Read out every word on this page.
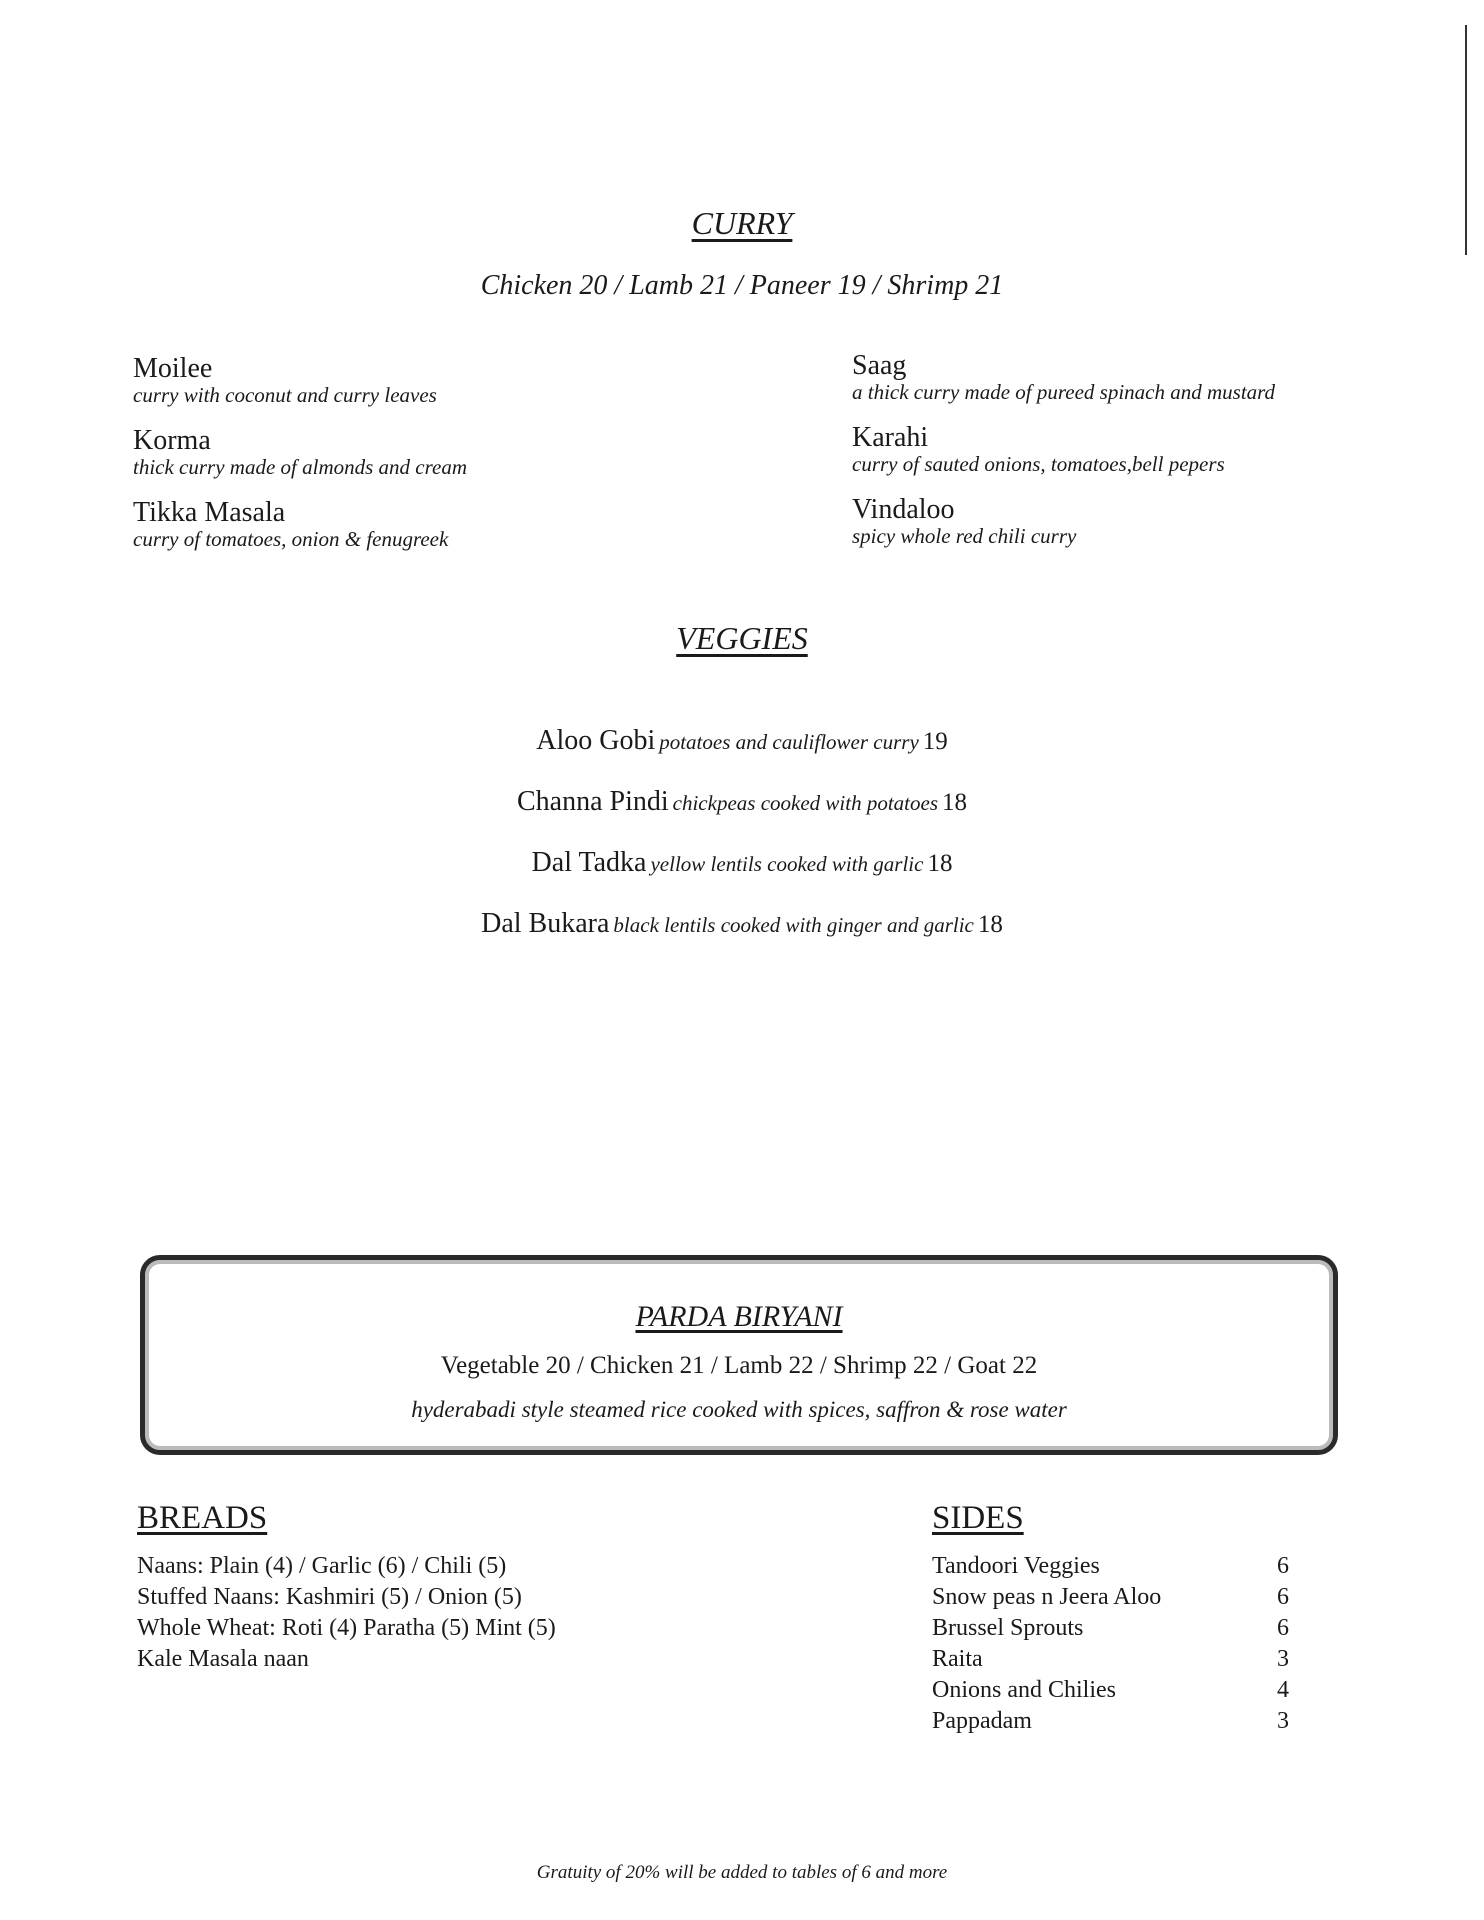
CURRY
Chicken 20 / Lamb 21 / Paneer 19 / Shrimp 21
Moilee
curry with coconut and curry leaves
Korma
thick curry made of almonds and cream
Tikka Masala
curry of tomatoes, onion & fenugreek
Saag
a thick curry made of pureed spinach and mustard
Karahi
curry of sauted onions, tomatoes,bell pepers
Vindaloo
spicy whole red chili curry
VEGGIES
Aloo Gobi potatoes and cauliflower curry 19
Channa Pindi chickpeas cooked with potatoes 18
Dal Tadka yellow lentils cooked with garlic 18
Dal Bukara black lentils cooked with ginger and garlic 18
PARDA BIRYANI
Vegetable 20 / Chicken 21 / Lamb 22 / Shrimp 22 / Goat 22
hyderabadi style steamed rice cooked with spices, saffron & rose water
BREADS
Naans: Plain (4) / Garlic (6) / Chili (5)
Stuffed Naans: Kashmiri (5) / Onion (5)
Whole Wheat: Roti (4) Paratha (5) Mint (5)
Kale Masala naan
SIDES
Tandoori Veggies	6
Snow peas n Jeera Aloo	6
Brussel Sprouts	6
Raita	3
Onions and Chilies	4
Pappadam	3
Gratuity of 20% will be added to tables of 6 and more
